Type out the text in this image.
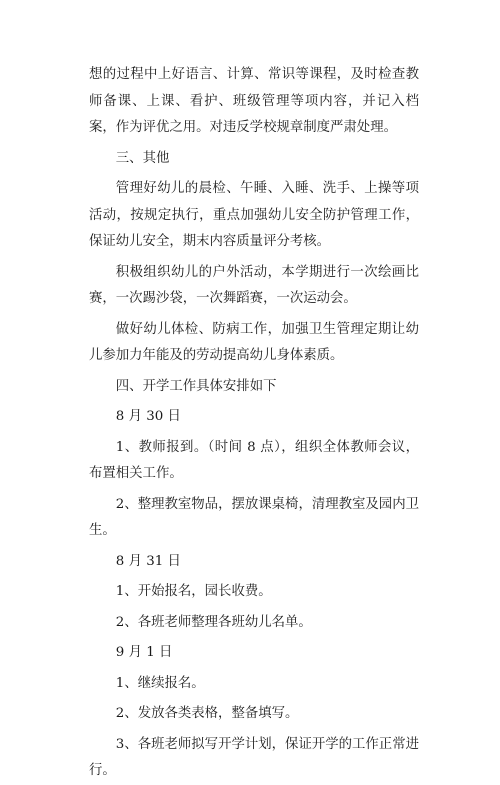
想的过程中上好语言、计算、常识等课程，及时检查教师备课、上课、看护、班级管理等项内容，并记入档案，作为评优之用。对违反学校规章制度严肃处理。

三、其他

管理好幼儿的晨检、午睡、入睡、洗手、上操等项活动，按规定执行，重点加强幼儿安全防护管理工作，保证幼儿安全，期末内容质量评分考核。

积极组织幼儿的户外活动，本学期进行一次绘画比赛，一次踢沙袋，一次舞蹈赛，一次运动会。

做好幼儿体检、防病工作，加强卫生管理定期让幼儿参加力年能及的劳动提高幼儿身体素质。

四、开学工作具体安排如下

8 月 30 日

1、教师报到。（时间 8 点），组织全体教师会议，布置相关工作。

2、整理教室物品，摆放课桌椅，清理教室及园内卫生。

8 月 31 日

1、开始报名，园长收费。

2、各班老师整理各班幼儿名单。

9 月 1 日

1、继续报名。

2、发放各类表格，整备填写。

3、各班老师拟写开学计划，保证开学的工作正常进行。
